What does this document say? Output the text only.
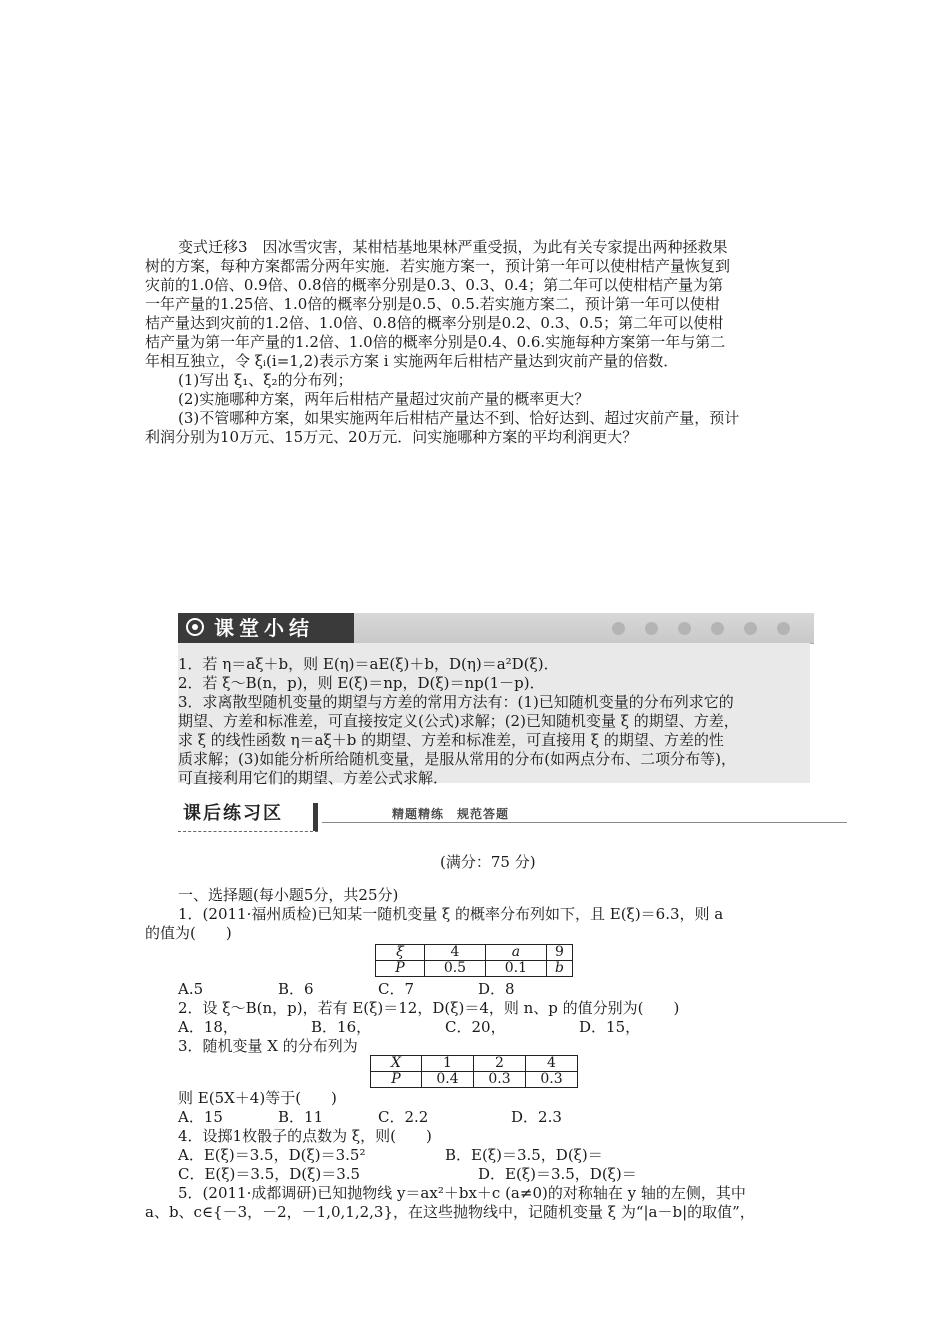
变式迁移3　因冰雪灾害，某柑桔基地果林严重受损，为此有关专家提出两种拯救果
树的方案，每种方案都需分两年实施．若实施方案一，预计第一年可以使柑桔产量恢复到
灾前的1.0倍、0.9倍、0.8倍的概率分别是0.3、0.3、0.4；第二年可以使柑桔产量为第
一年产量的1.25倍、1.0倍的概率分别是0.5、0.5.若实施方案二，预计第一年可以使柑
桔产量达到灾前的1.2倍、1.0倍、0.8倍的概率分别是0.2、0.3、0.5；第二年可以使柑
桔产量为第一年产量的1.2倍、1.0倍的概率分别是0.4、0.6.实施每种方案第一年与第二
年相互独立，令 ξᵢ(i=1,2)表示方案 i 实施两年后柑桔产量达到灾前产量的倍数．
(1)写出 ξ₁、ξ₂的分布列；
(2)实施哪种方案，两年后柑桔产量超过灾前产量的概率更大？
(3)不管哪种方案，如果实施两年后柑桔产量达不到、恰好达到、超过灾前产量，预计
利润分别为10万元、15万元、20万元．问实施哪种方案的平均利润更大？
课堂小结
1．若 η＝aξ＋b，则 E(η)＝aE(ξ)＋b，D(η)＝a²D(ξ)．
2．若 ξ～B(n，p)，则 E(ξ)＝np，D(ξ)＝np(1－p)．
3．求离散型随机变量的期望与方差的常用方法有：(1)已知随机变量的分布列求它的
期望、方差和标准差，可直接按定义(公式)求解；(2)已知随机变量 ξ 的期望、方差，
求 ξ 的线性函数 η＝aξ＋b 的期望、方差和标准差，可直接用 ξ 的期望、方差的性
质求解；(3)如能分析所给随机变量，是服从常用的分布(如两点分布、二项分布等)，
可直接利用它们的期望、方差公式求解．
课后练习区	精题精练　规范答题
(满分：75 分)
一、选择题(每小题5分，共25分)
1．(2011·福州质检)已知某一随机变量 ξ 的概率分布列如下，且 E(ξ)＝6.3，则 a
的值为(　　)
ξ	4	a	9
P	0.5	0.1	b
A.5	B．6	C．7	D．8
2．设 ξ～B(n，p)，若有 E(ξ)＝12，D(ξ)＝4，则 n、p 的值分别为(　　)
A．18，	B．16，	C．20，	D．15，
3．随机变量 X 的分布列为
X	1	2	4
P	0.4	0.3	0.3
则 E(5X＋4)等于(　　)
A．15	B．11	C．2.2	D．2.3
4．设掷1枚骰子的点数为 ξ，则(　　)
A．E(ξ)＝3.5，D(ξ)＝3.5²	B．E(ξ)＝3.5，D(ξ)＝
C．E(ξ)＝3.5，D(ξ)＝3.5	D．E(ξ)＝3.5，D(ξ)＝
5．(2011·成都调研)已知抛物线 y＝ax²＋bx＋c (a≠0)的对称轴在 y 轴的左侧，其中
a、b、c∈{－3，－2，－1,0,1,2,3}，在这些抛物线中，记随机变量 ξ 为“|a－b|的取值”，
